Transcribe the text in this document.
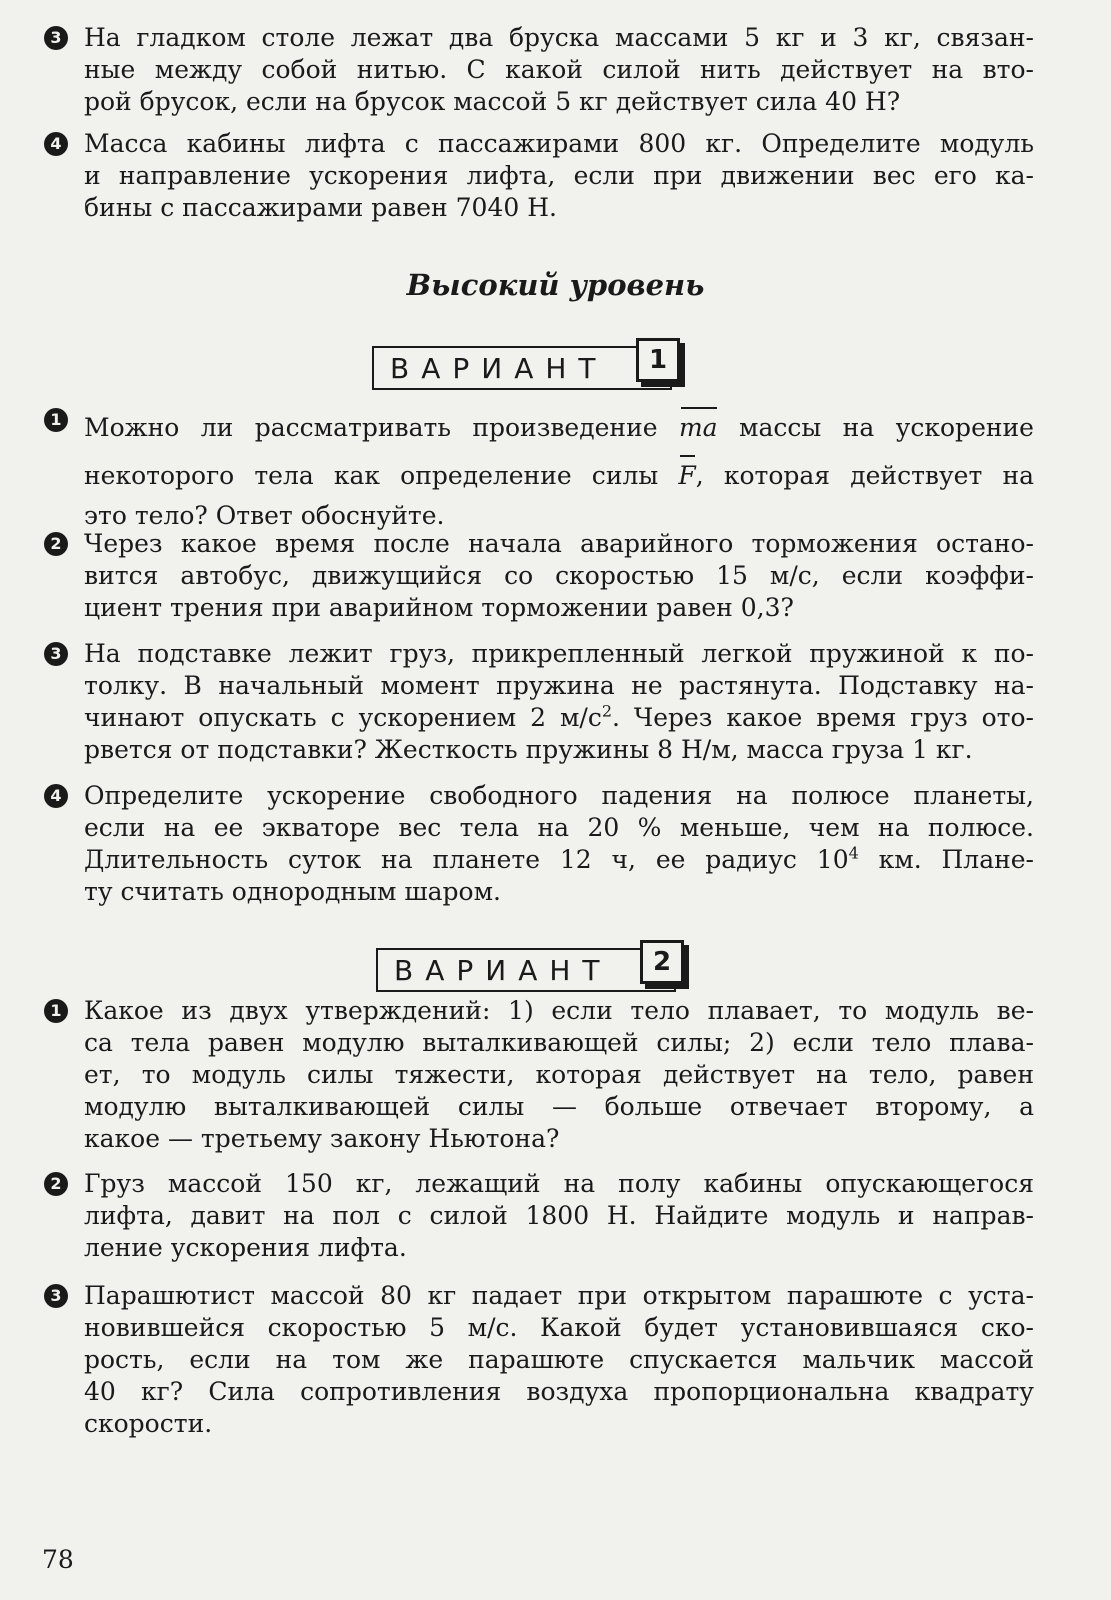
3 На гладком столе лежат два бруска массами 5 кг и 3 кг, связан-
ные между собой нитью. С какой силой нить действует на вто-
рой брусок, если на брусок массой 5 кг действует сила 40 Н?
4 Масса кабины лифта с пассажирами 800 кг. Определите модуль
и направление ускорения лифта, если при движении вес его ка-
бины с пассажирами равен 7040 Н.
Высокий уровень
ВАРИАНТ	1
1 Можно ли рассматривать произведение ma массы на ускорение
некоторого тела как определение силы F, которая действует на
это тело? Ответ обоснуйте.
2 Через какое время после начала аварийного торможения остано-
вится автобус, движущийся со скоростью 15 м/с, если коэффи-
циент трения при аварийном торможении равен 0,3?
3 На подставке лежит груз, прикрепленный легкой пружиной к по-
толку. В начальный момент пружина не растянута. Подставку на-
чинают опускать с ускорением 2 $м/с^2$. Через какое время груз ото-
рвется от подставки? Жесткость пружины 8 Н/м, масса груза 1 кг.
4 Определите ускорение свободного падения на полюсе планеты,
если на ее экваторе вес тела на 20 % меньше, чем на полюсе.
Длительность суток на планете 12 ч, ее радиус $10^4$ км. Плане-
ту считать однородным шаром.
ВАРИАНТ	2
1 Какое из двух утверждений: 1) если тело плавает, то модуль ве-
са тела равен модулю выталкивающей силы; 2) если тело плава-
ет, то модуль силы тяжести, которая действует на тело, равен
модулю выталкивающей силы — больше отвечает второму, а
какое — третьему закону Ньютона?
2 Груз массой 150 кг, лежащий на полу кабины опускающегося
лифта, давит на пол с силой 1800 Н. Найдите модуль и направ-
ление ускорения лифта.
3 Парашютист массой 80 кг падает при открытом парашюте с уста-
новившейся скоростью 5 м/с. Какой будет установившаяся ско-
рость, если на том же парашюте спускается мальчик массой
40 кг? Сила сопротивления воздуха пропорциональна квадрату
скорости.
78
